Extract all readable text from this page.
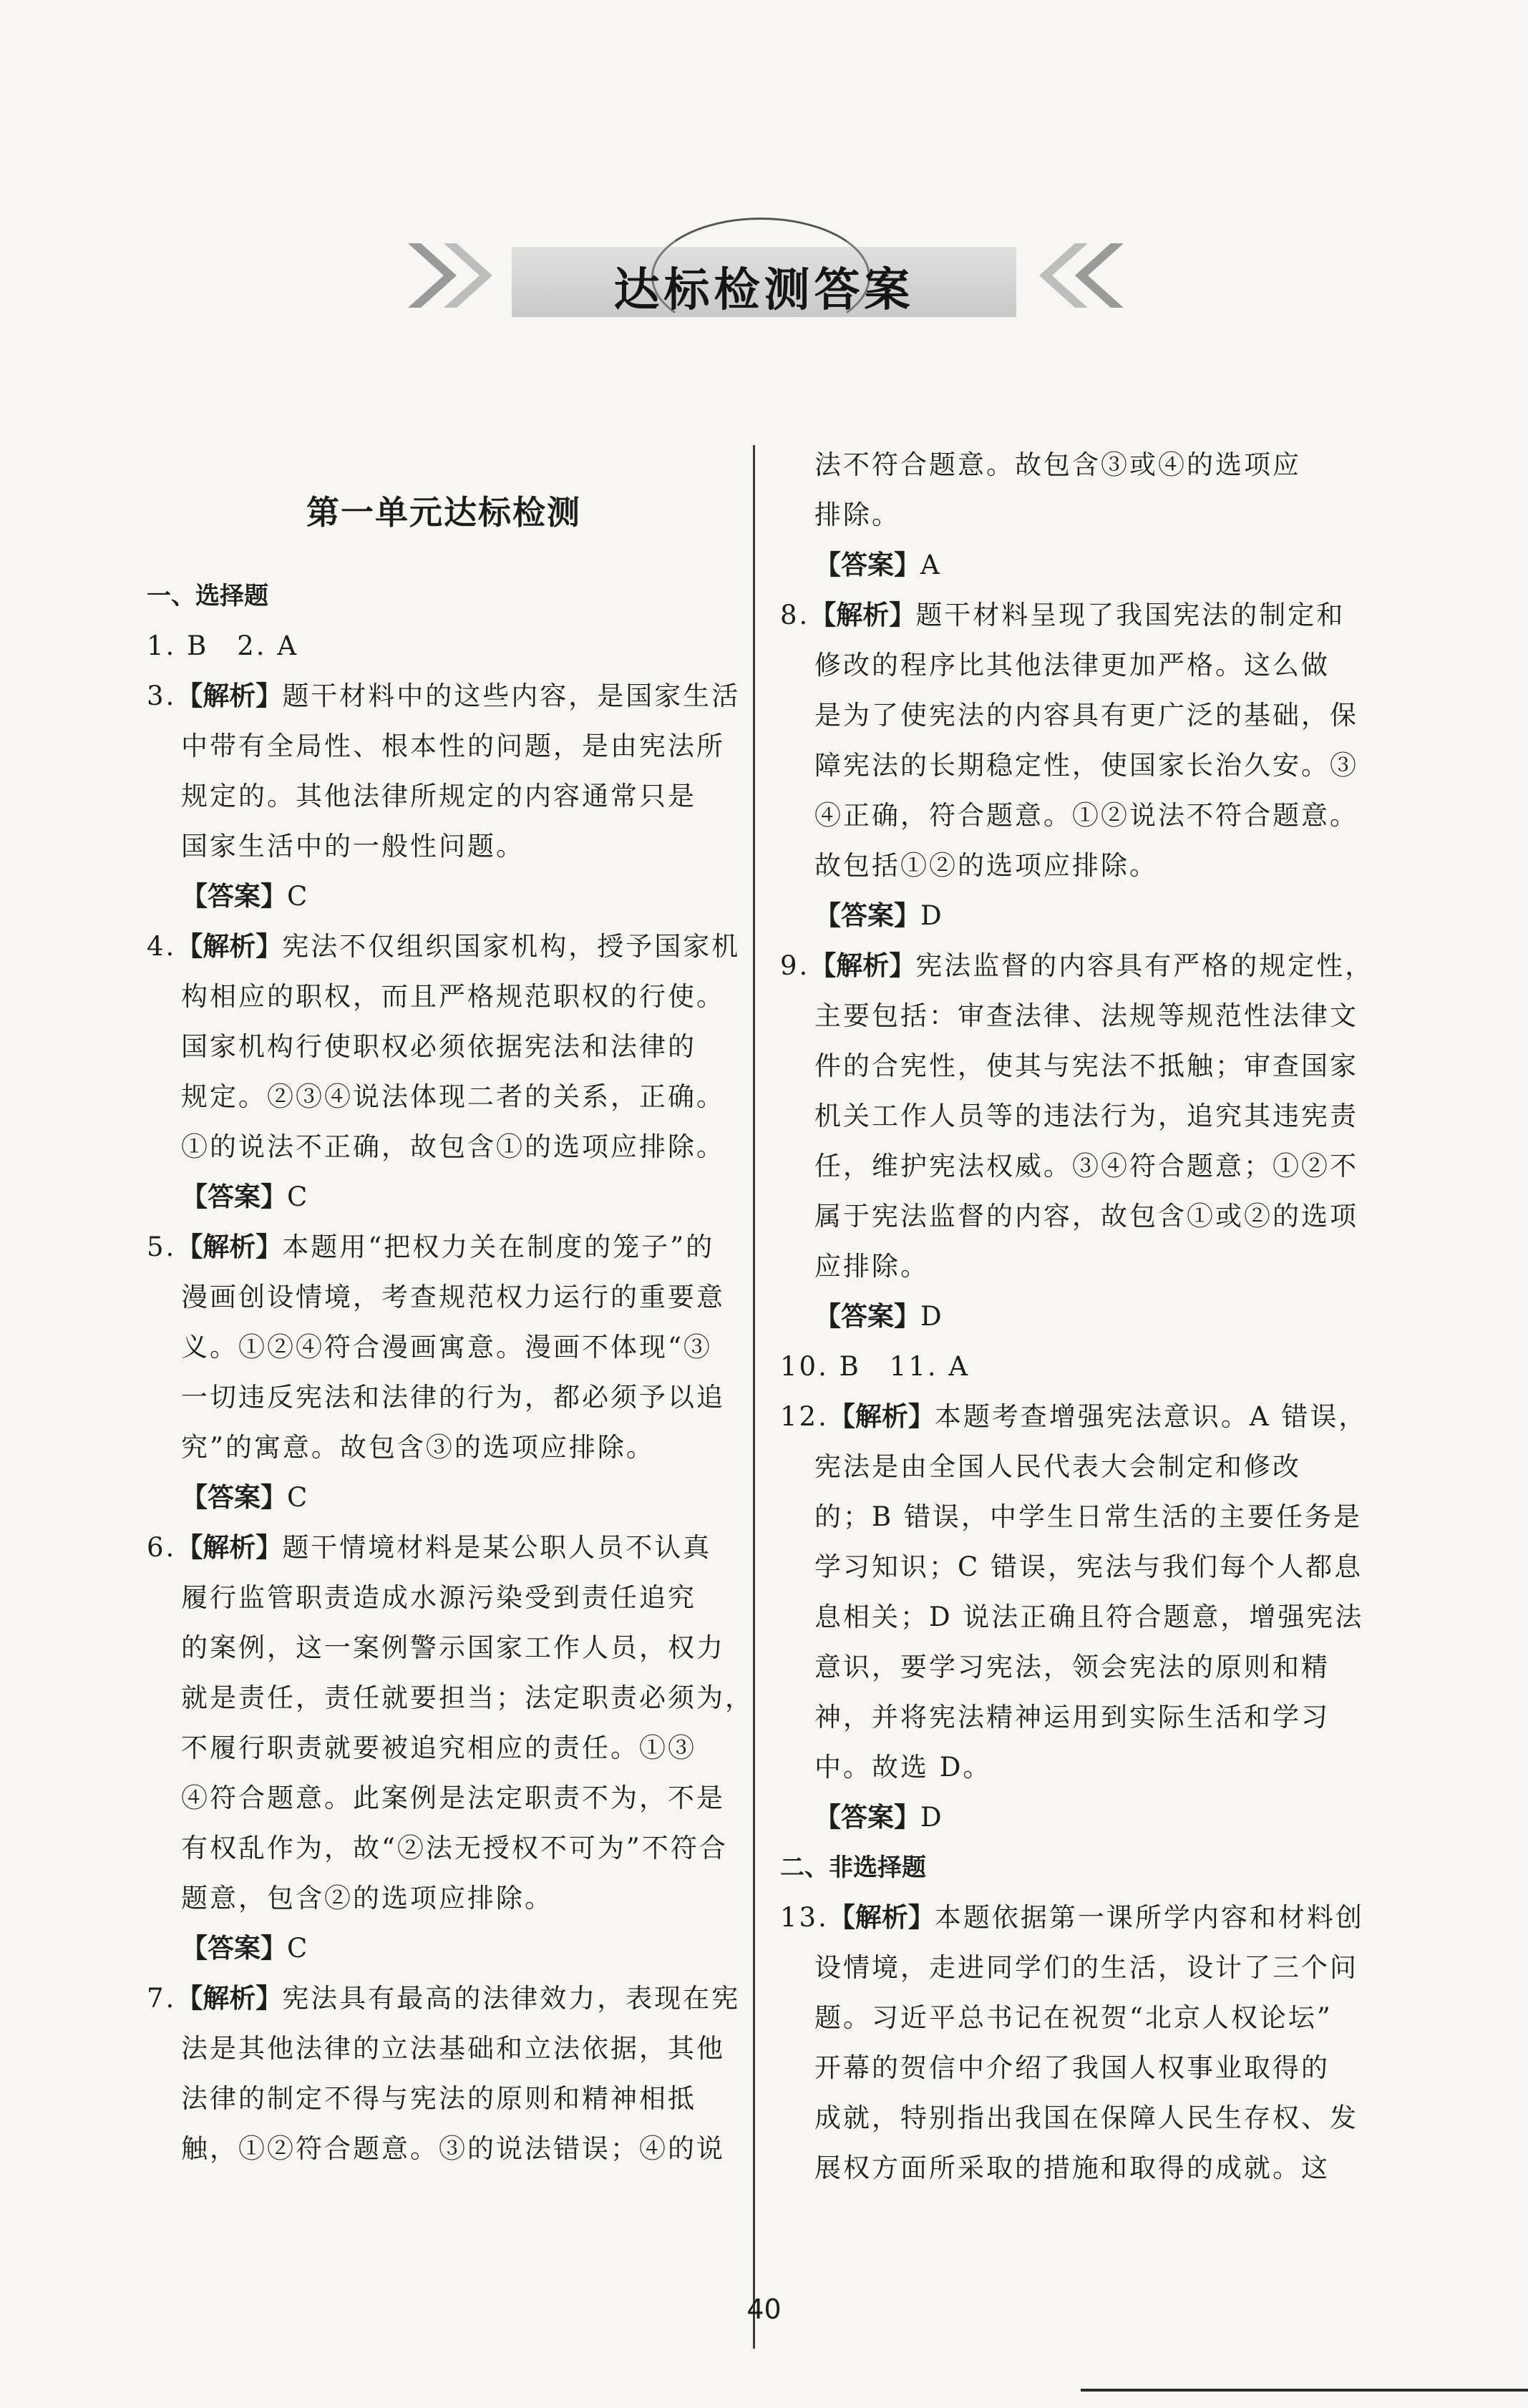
达标检测答案
第一单元达标检测
一、选择题
1. B　2. A
3.【解析】题干材料中的这些内容，是国家生活
中带有全局性、根本性的问题，是由宪法所
规定的。其他法律所规定的内容通常只是
国家生活中的一般性问题。
【答案】C
4.【解析】宪法不仅组织国家机构，授予国家机
构相应的职权，而且严格规范职权的行使。
国家机构行使职权必须依据宪法和法律的
规定。②③④说法体现二者的关系，正确。
①的说法不正确，故包含①的选项应排除。
【答案】C
5.【解析】本题用“把权力关在制度的笼子”的
漫画创设情境，考查规范权力运行的重要意
义。①②④符合漫画寓意。漫画不体现“③
一切违反宪法和法律的行为，都必须予以追
究”的寓意。故包含③的选项应排除。
【答案】C
6.【解析】题干情境材料是某公职人员不认真
履行监管职责造成水源污染受到责任追究
的案例，这一案例警示国家工作人员，权力
就是责任，责任就要担当；法定职责必须为，
不履行职责就要被追究相应的责任。①③
④符合题意。此案例是法定职责不为，不是
有权乱作为，故“②法无授权不可为”不符合
题意，包含②的选项应排除。
【答案】C
7.【解析】宪法具有最高的法律效力，表现在宪
法是其他法律的立法基础和立法依据，其他
法律的制定不得与宪法的原则和精神相抵
触，①②符合题意。③的说法错误；④的说
法不符合题意。故包含③或④的选项应
排除。
【答案】A
8.【解析】题干材料呈现了我国宪法的制定和
修改的程序比其他法律更加严格。这么做
是为了使宪法的内容具有更广泛的基础，保
障宪法的长期稳定性，使国家长治久安。③
④正确，符合题意。①②说法不符合题意。
故包括①②的选项应排除。
【答案】D
9.【解析】宪法监督的内容具有严格的规定性，
主要包括：审查法律、法规等规范性法律文
件的合宪性，使其与宪法不抵触；审查国家
机关工作人员等的违法行为，追究其违宪责
任，维护宪法权威。③④符合题意；①②不
属于宪法监督的内容，故包含①或②的选项
应排除。
【答案】D
10. B　11. A
12.【解析】本题考查增强宪法意识。A 错误，
宪法是由全国人民代表大会制定和修改
的；B 错误，中学生日常生活的主要任务是
学习知识；C 错误，宪法与我们每个人都息
息相关；D 说法正确且符合题意，增强宪法
意识，要学习宪法，领会宪法的原则和精
神，并将宪法精神运用到实际生活和学习
中。故选 D。
【答案】D
二、非选择题
13.【解析】本题依据第一课所学内容和材料创
设情境，走进同学们的生活，设计了三个问
题。习近平总书记在祝贺“北京人权论坛”
开幕的贺信中介绍了我国人权事业取得的
成就，特别指出我国在保障人民生存权、发
展权方面所采取的措施和取得的成就。这
40
